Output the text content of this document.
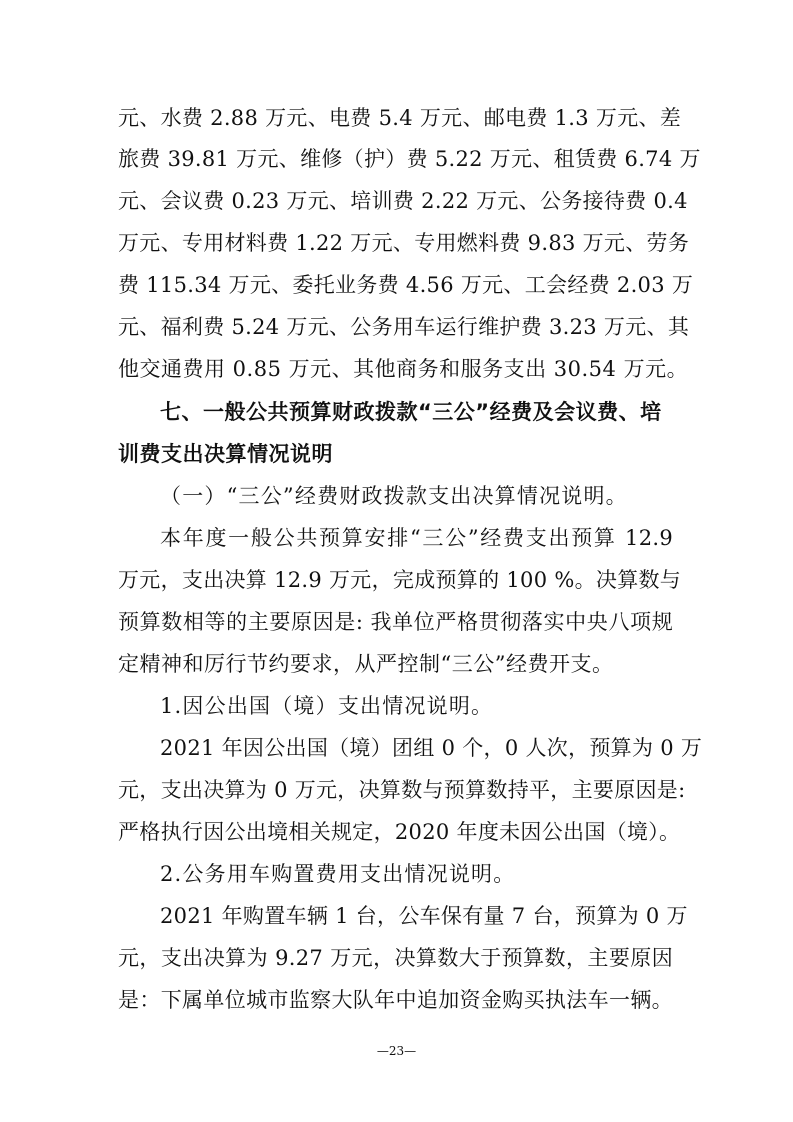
元、水费 2.88 万元、电费 5.4 万元、邮电费 1.3 万元、差
旅费 39.81 万元、维修（护）费 5.22 万元、租赁费 6.74 万
元、会议费 0.23 万元、培训费 2.22 万元、公务接待费 0.4
万元、专用材料费 1.22 万元、专用燃料费 9.83 万元、劳务
费 115.34 万元、委托业务费 4.56 万元、工会经费 2.03 万
元、福利费 5.24 万元、公务用车运行维护费 3.23 万元、其
他交通费用 0.85 万元、其他商务和服务支出 30.54 万元。
七、一般公共预算财政拨款“三公”经费及会议费、培
训费支出决算情况说明
（一）“三公”经费财政拨款支出决算情况说明。
本年度一般公共预算安排“三公”经费支出预算 12.9
万元，支出决算 12.9 万元，完成预算的 100 %。决算数与
预算数相等的主要原因是: 我单位严格贯彻落实中央八项规
定精神和厉行节约要求，从严控制“三公”经费开支。
1.因公出国（境）支出情况说明。
2021 年因公出国（境）团组 0 个，0 人次，预算为 0 万
元，支出决算为 0 万元，决算数与预算数持平，主要原因是:
严格执行因公出境相关规定，2020 年度未因公出国（境）。
2.公务用车购置费用支出情况说明。
2021 年购置车辆 1 台，公车保有量 7 台，预算为 0 万
元，支出决算为 9.27 万元，决算数大于预算数，主要原因
是：下属单位城市监察大队年中追加资金购买执法车一辆。
—23—
